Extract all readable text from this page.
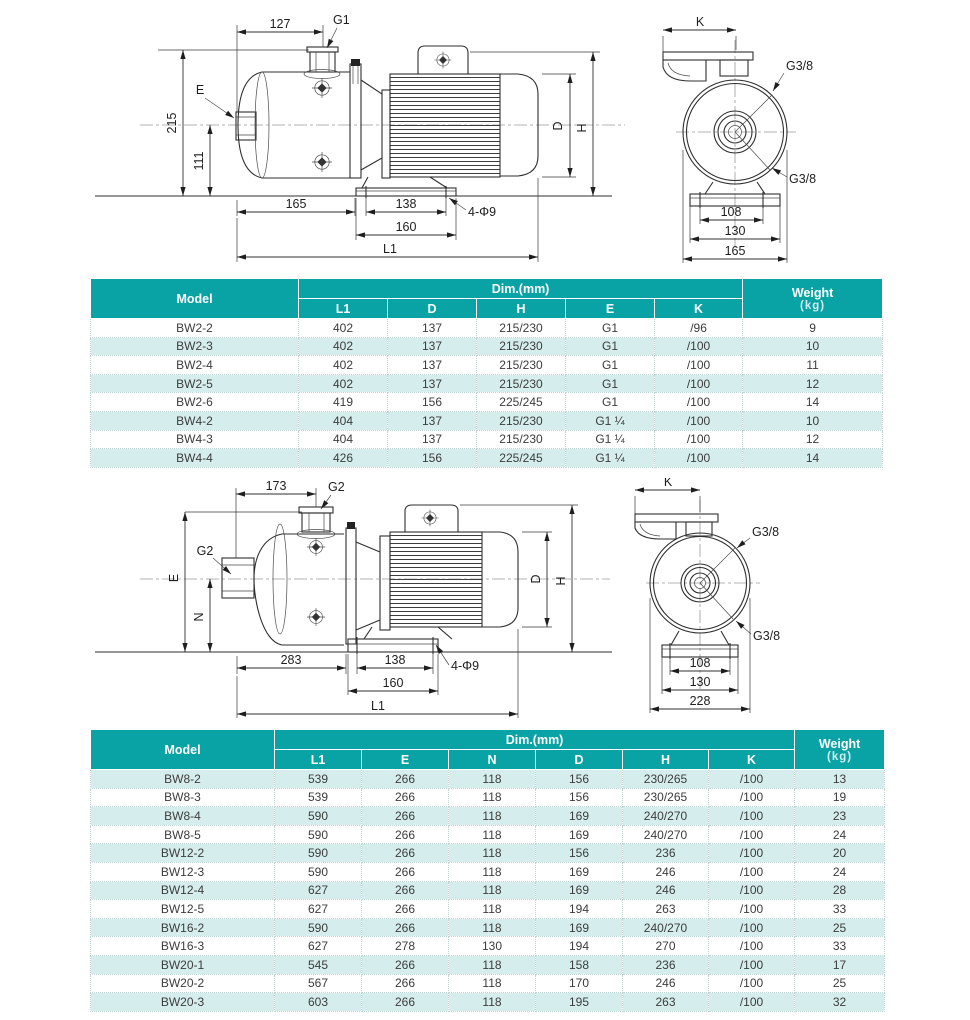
127	G1
E
215
111
165	138
4-Φ9
160
L1
D H
K
G3/8
G3/8
108
130
165
Model	Dim.(mm)					Weight
(kg)

	L1	D	H	E	K	
BW2-2	402	137	215/230	G1	/96	9
BW2-3	402	137	215/230	G1	/100	10
BW2-4	402	137	215/230	G1	/100	11
BW2-5	402	137	215/230	G1	/100	12
BW2-6	419	156	225/245	G1	/100	14
BW4-2	404	137	215/230	G1 ¼	/100	10
BW4-3	404	137	215/230	G1 ¼	/100	12
BW4-4	426	156	225/245	G1 ¼	/100	14
173	G2
G2
E
N
283	138	4-Φ9
160
L1
D H
K
G3/8
G3/8
108
130
228
Model	Dim.(mm)						Weight
(kg)

	L1	E	N	D	H	K	
BW8-2	539	266	118	156	230/265	/100	13
BW8-3	539	266	118	156	230/265	/100	19
BW8-4	590	266	118	169	240/270	/100	23
BW8-5	590	266	118	169	240/270	/100	24
BW12-2	590	266	118	156	236	/100	20
BW12-3	590	266	118	169	246	/100	24
BW12-4	627	266	118	169	246	/100	28
BW12-5	627	266	118	194	263	/100	33
BW16-2	590	266	118	169	240/270	/100	25
BW16-3	627	278	130	194	270	/100	33
BW20-1	545	266	118	158	236	/100	17
BW20-2	567	266	118	170	246	/100	25
BW20-3	603	266	118	195	263	/100	32
